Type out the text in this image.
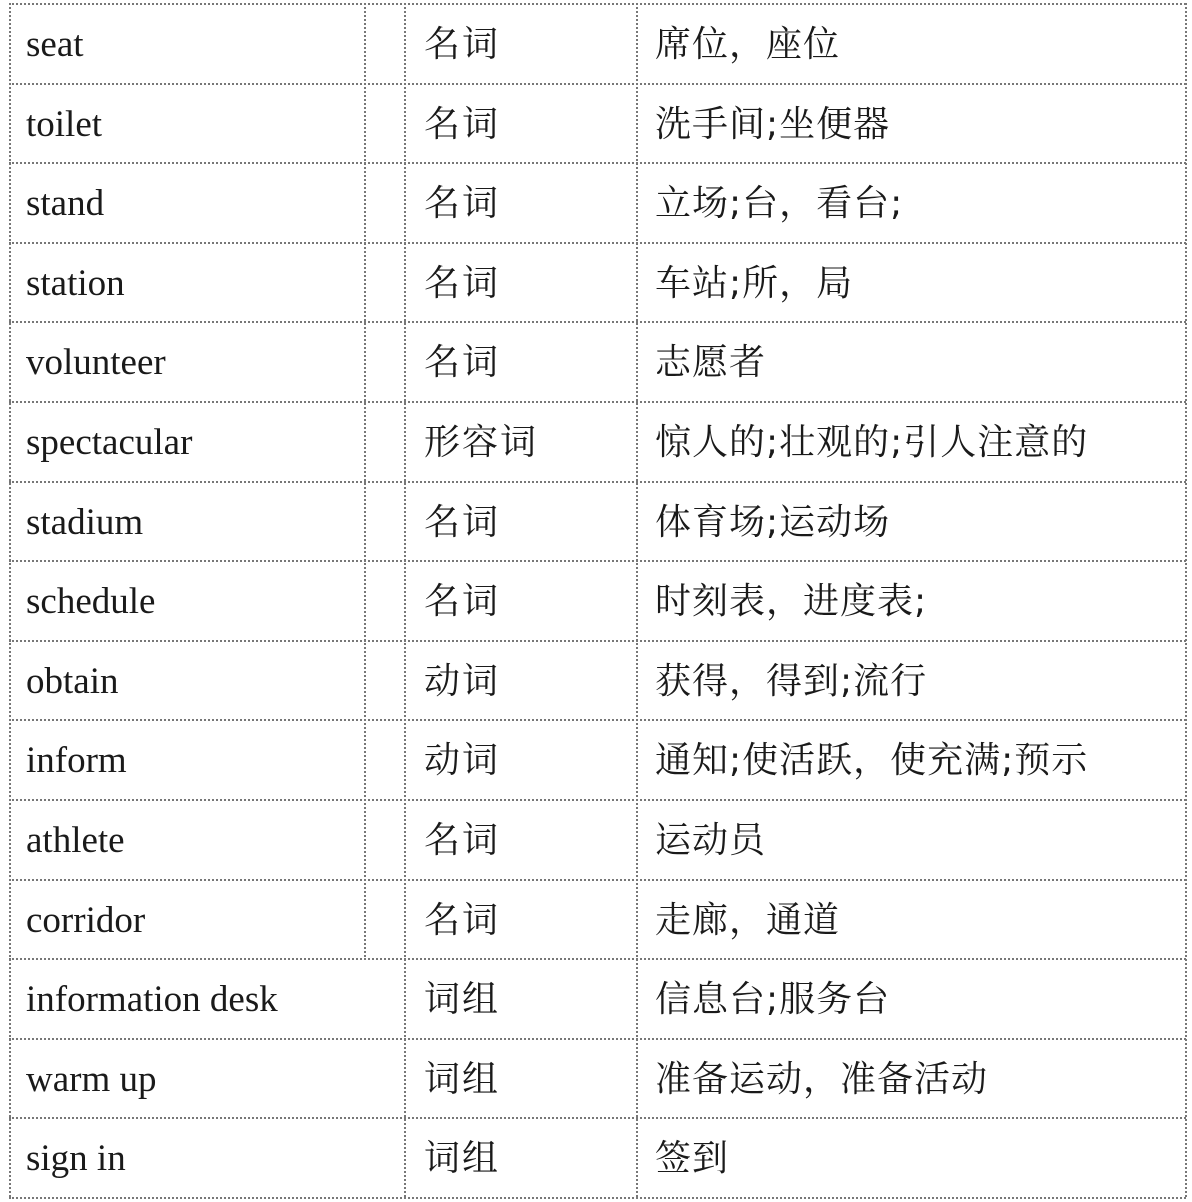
seat	名词	席位，座位
toilet	名词	洗手间;坐便器
stand	名词	立场;台，看台;
station	名词	车站;所，局
volunteer	名词	志愿者
spectacular	形容词	惊人的;壮观的;引人注意的
stadium	名词	体育场;运动场
schedule	名词	时刻表，进度表;
obtain	动词	获得，得到;流行
inform	动词	通知;使活跃，使充满;预示
athlete	名词	运动员
corridor	名词	走廊，通道
information desk	词组	信息台;服务台
warm up	词组	准备运动，准备活动
sign in	词组	签到
